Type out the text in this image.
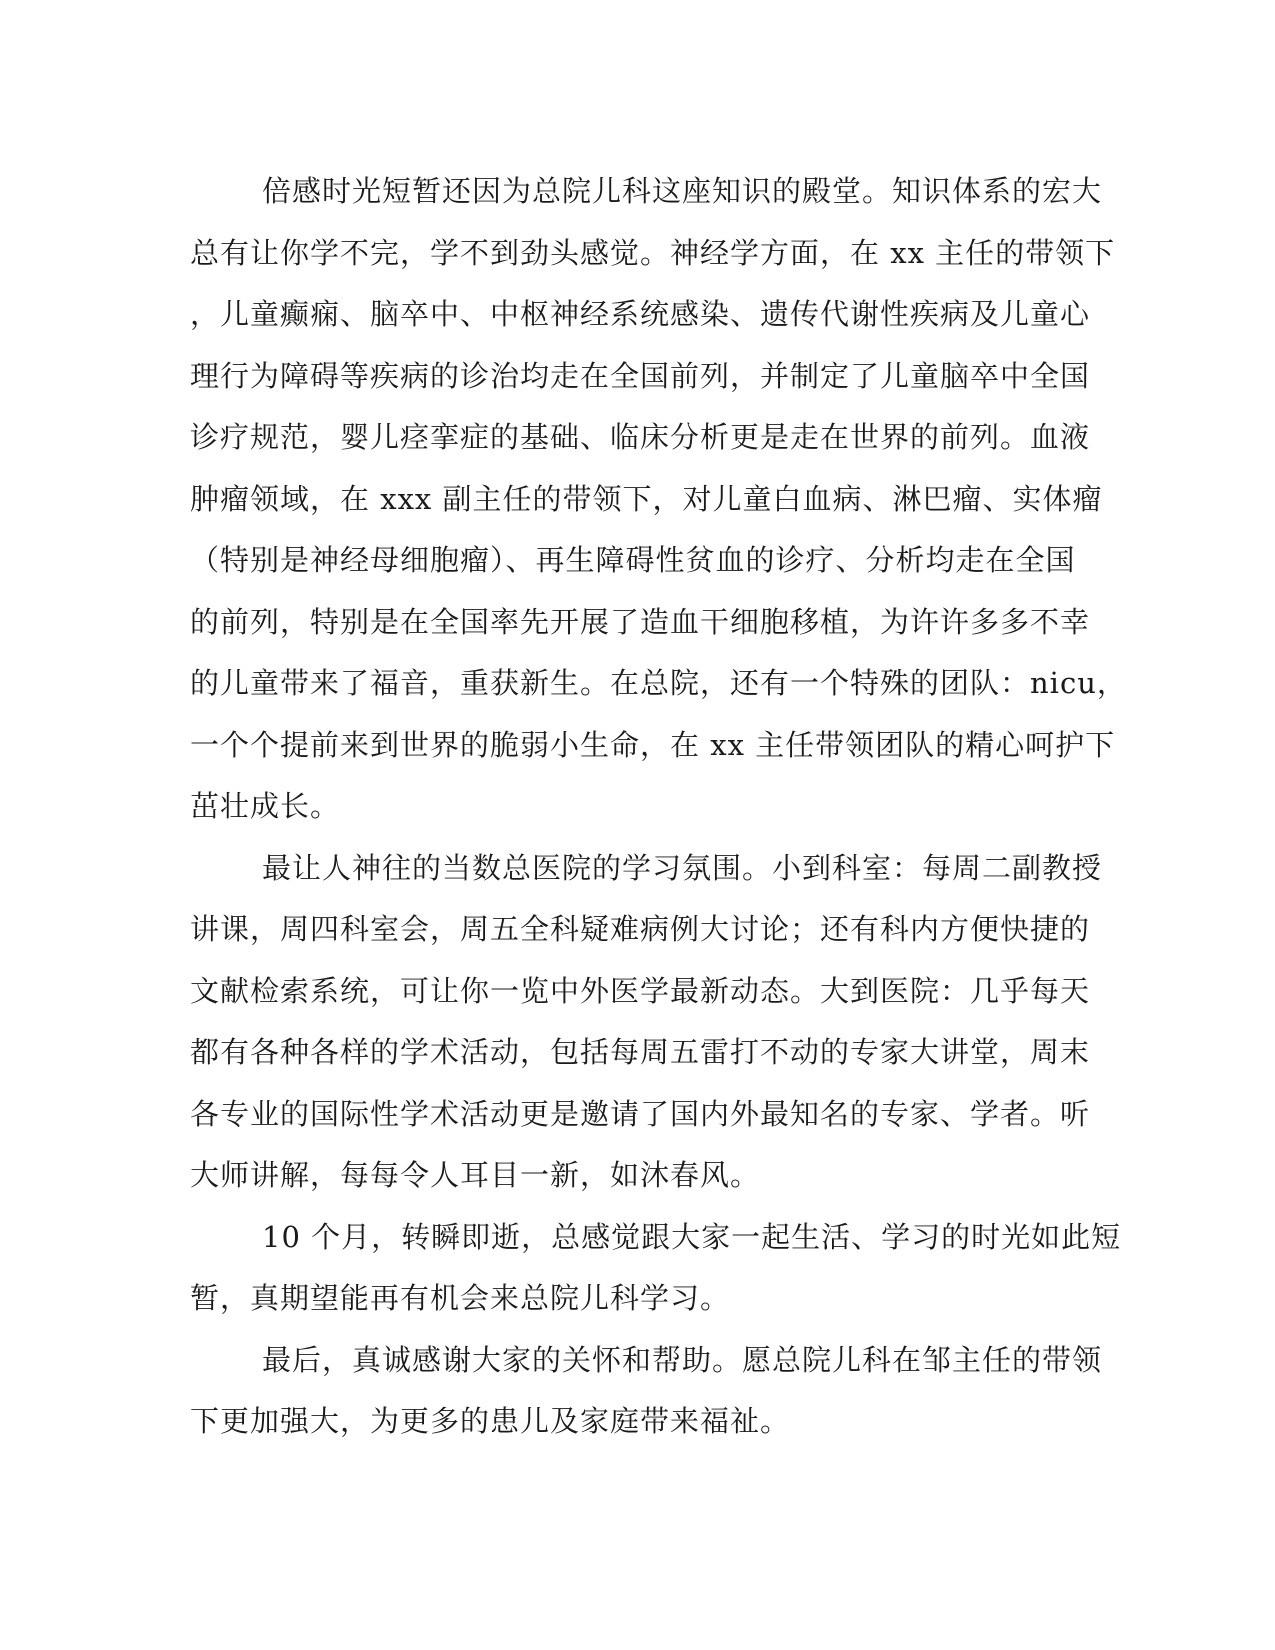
倍感时光短暂还因为总院儿科这座知识的殿堂。知识体系的宏大
总有让你学不完，学不到劲头感觉。神经学方面，在 xx 主任的带领下
，儿童癫痫、脑卒中、中枢神经系统感染、遗传代谢性疾病及儿童心
理行为障碍等疾病的诊治均走在全国前列，并制定了儿童脑卒中全国
诊疗规范，婴儿痉挛症的基础、临床分析更是走在世界的前列。血液
肿瘤领域，在 xxx 副主任的带领下，对儿童白血病、淋巴瘤、实体瘤
（特别是神经母细胞瘤）、再生障碍性贫血的诊疗、分析均走在全国
的前列，特别是在全国率先开展了造血干细胞移植，为许许多多不幸
的儿童带来了福音，重获新生。在总院，还有一个特殊的团队：nicu，
一个个提前来到世界的脆弱小生命，在 xx 主任带领团队的精心呵护下
茁壮成长。
最让人神往的当数总医院的学习氛围。小到科室：每周二副教授
讲课，周四科室会，周五全科疑难病例大讨论；还有科内方便快捷的
文献检索系统，可让你一览中外医学最新动态。大到医院：几乎每天
都有各种各样的学术活动，包括每周五雷打不动的专家大讲堂，周末
各专业的国际性学术活动更是邀请了国内外最知名的专家、学者。听
大师讲解，每每令人耳目一新，如沐春风。
10 个月，转瞬即逝，总感觉跟大家一起生活、学习的时光如此短
暂，真期望能再有机会来总院儿科学习。
最后，真诚感谢大家的关怀和帮助。愿总院儿科在邹主任的带领
下更加强大，为更多的患儿及家庭带来福祉。
